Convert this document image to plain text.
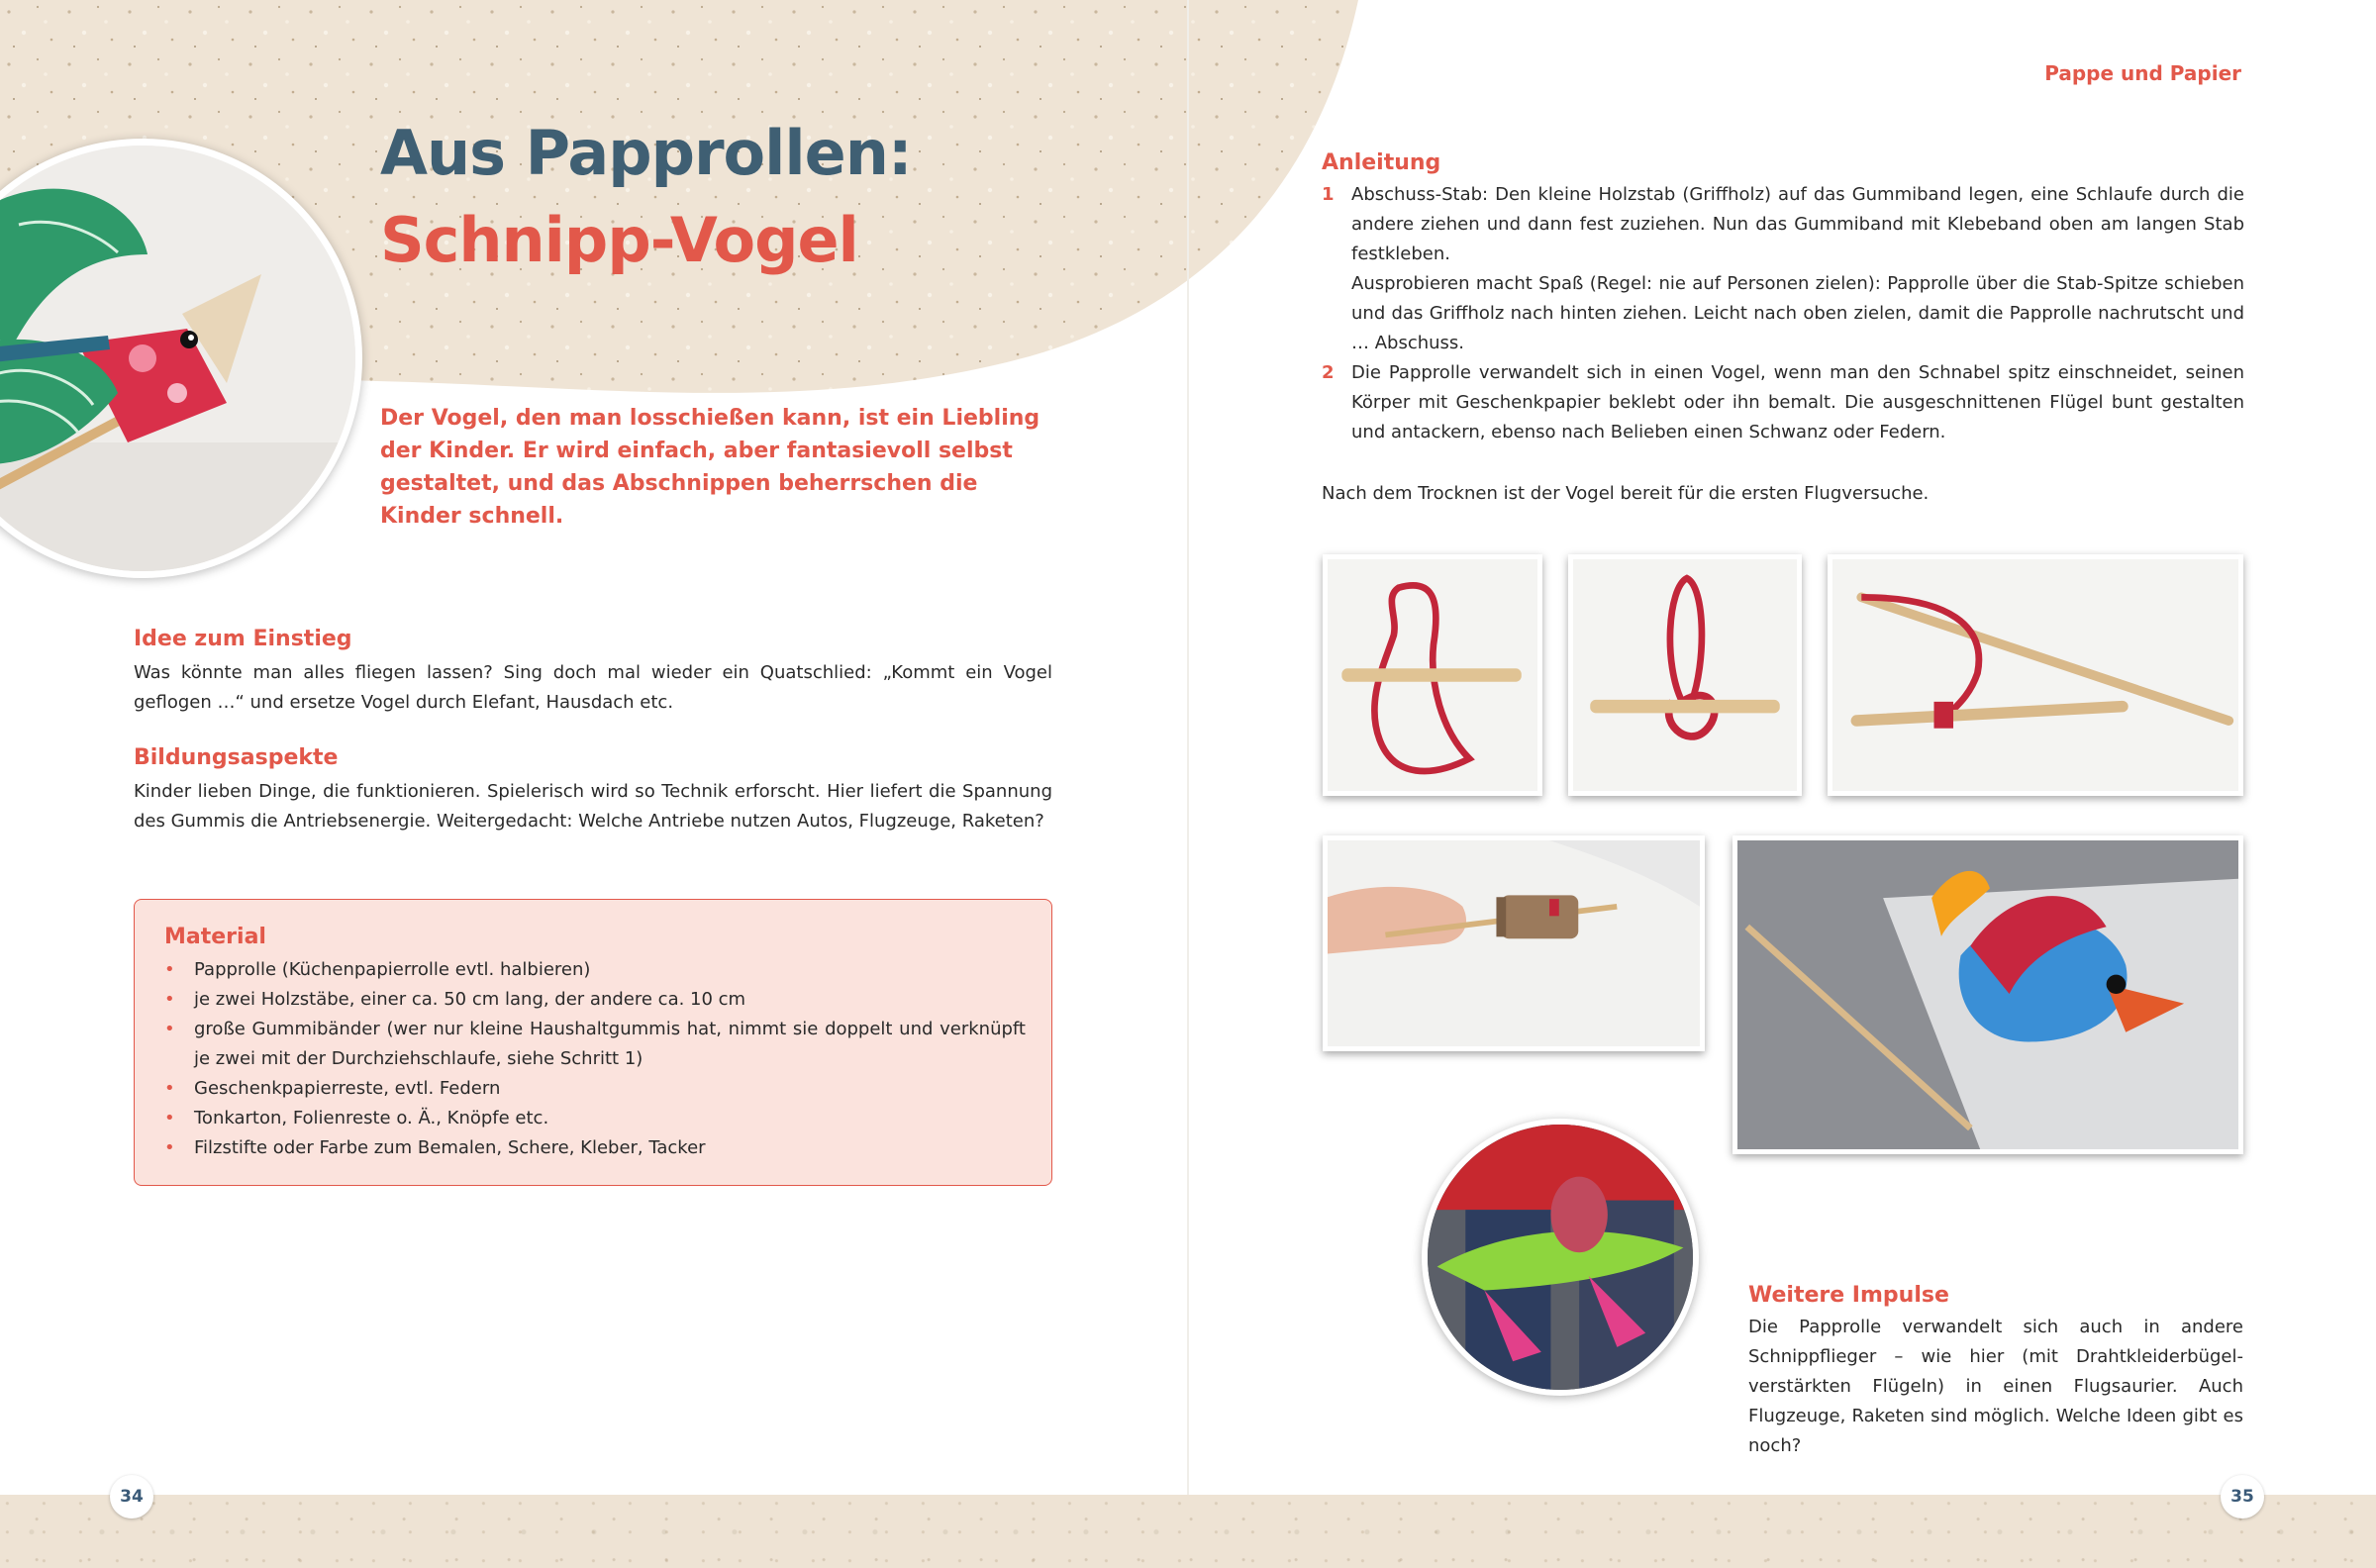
Aus Papprollen:
Schnipp-Vogel

Der Vogel, den man losschießen kann, ist ein Liebling der Kinder. Er wird einfach, aber fantasievoll selbst gestaltet, und das Abschnippen beherrschen die Kinder schnell.

Idee zum Einstieg

Was könnte man alles fliegen lassen? Sing doch mal wieder ein Quatschlied: „Kommt ein Vogel geflogen …“ und ersetze Vogel durch Elefant, Hausdach etc.

Bildungsaspekte

Kinder lieben Dinge, die funktionieren. Spielerisch wird so Technik erforscht. Hier liefert die Spannung des Gummis die Antriebsenergie. Weitergedacht: Welche Antriebe nutzen Autos, Flugzeuge, Raketen?

Material
• Papprolle (Küchenpapierrolle evtl. halbieren)
• je zwei Holzstäbe, einer ca. 50 cm lang, der andere ca. 10 cm
• große Gummibänder (wer nur kleine Haushaltgummis hat, nimmt sie doppelt und verknüpft je zwei mit der Durchziehschlaufe, siehe Schritt 1)
• Geschenkpapierreste, evtl. Federn
• Tonkarton, Folienreste o. Ä., Knöpfe etc.
• Filzstifte oder Farbe zum Bemalen, Schere, Kleber, Tacker
Pappe und Papier
Anleitung
1 Abschuss-Stab: Den kleine Holzstab (Griffholz) auf das Gummiband legen, eine Schlaufe durch die andere ziehen und dann fest zuziehen. Nun das Gummiband mit Klebeband oben am langen Stab festkleben.
Ausprobieren macht Spaß (Regel: nie auf Personen zielen): Papprolle über die Stab-Spitze schieben und das Griffholz nach hinten ziehen. Leicht nach oben zielen, damit die Papprolle nachrutscht und … Abschuss.
2 Die Papprolle verwandelt sich in einen Vogel, wenn man den Schnabel spitz einschneidet, seinen Körper mit Geschenkpapier beklebt oder ihn bemalt. Die ausgeschnittenen Flügel bunt gestalten und antackern, ebenso nach Belieben einen Schwanz oder Federn.

Nach dem Trocknen ist der Vogel bereit für die ersten Flugversuche.

Weitere Impulse

Die Papprolle verwandelt sich auch in andere Schnippflieger – wie hier (mit Drahtkleiderbügel-verstärkten Flügeln) in einen Flugsaurier. Auch Flugzeuge, Raketen sind möglich. Welche Ideen gibt es noch?

34	35
